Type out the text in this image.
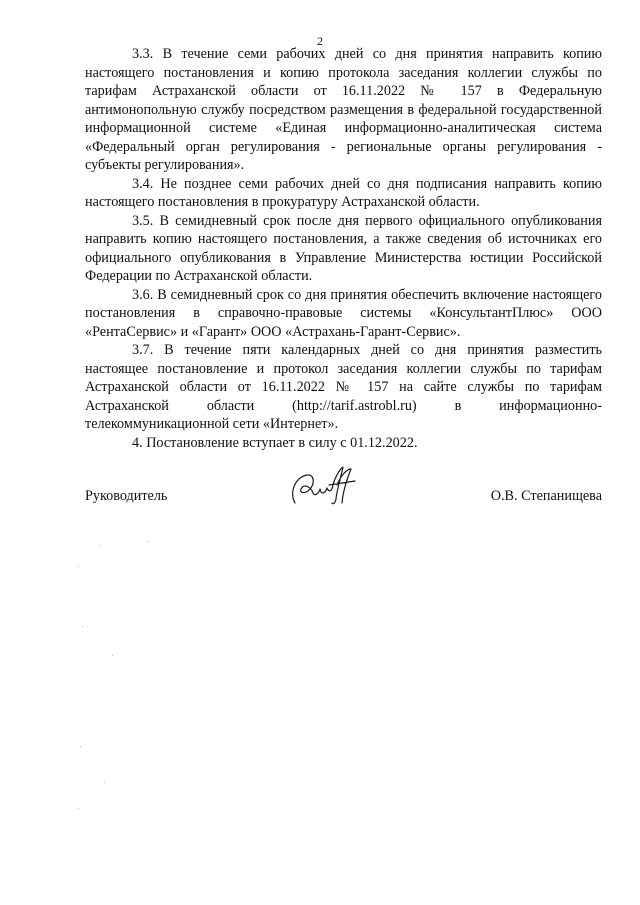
2

3.3. В течение семи рабочих дней со дня принятия направить копию настоящего постановления и копию протокола заседания коллегии службы по тарифам Астраханской области от 16.11.2022 № 157 в Федеральную антимонопольную службу посредством размещения в федеральной государственной информационной системе «Единая информационно-аналитическая система «Федеральный орган регулирования - региональные органы регулирования - субъекты регулирования».

3.4. Не позднее семи рабочих дней со дня подписания направить копию настоящего постановления в прокуратуру Астраханской области.

3.5. В семидневный срок после дня первого официального опубликования направить копию настоящего постановления, а также сведения об источниках его официального опубликования в Управление Министерства юстиции Российской Федерации по Астраханской области.

3.6. В семидневный срок со дня принятия обеспечить включение настоящего постановления в справочно-правовые системы «КонсультантПлюс» ООО «РентаСервис» и «Гарант» ООО «Астрахань-Гарант-Сервис».

3.7. В течение пяти календарных дней со дня принятия разместить настоящее постановление и протокол заседания коллегии службы по тарифам Астраханской области от 16.11.2022 № 157 на сайте службы по тарифам Астраханской области (http://tarif.astrobl.ru) в информационно-телекоммуникационной сети «Интернет».

4. Постановление вступает в силу с 01.12.2022.

Руководитель	О.В. Степанищева
